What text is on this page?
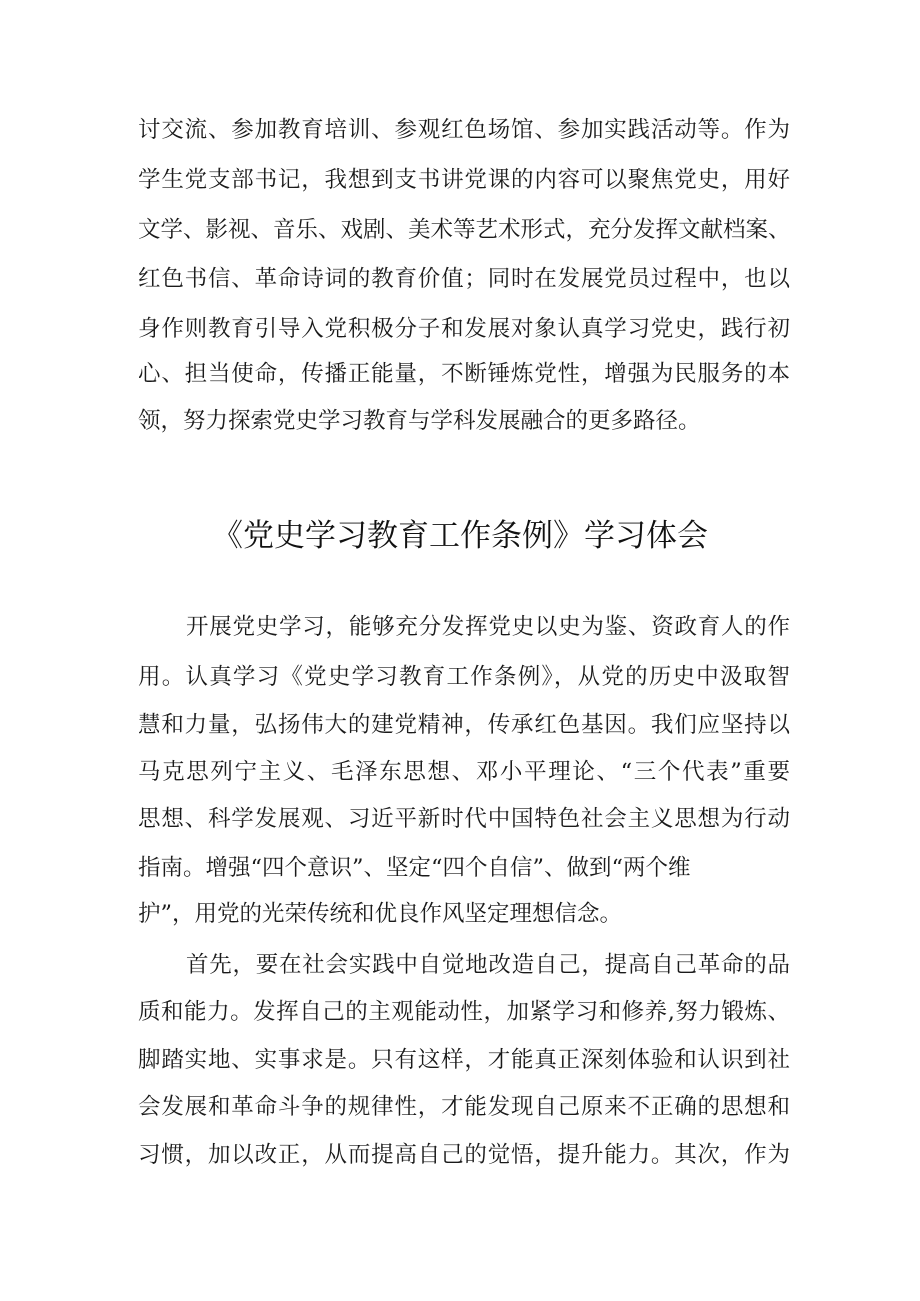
讨交流、参加教育培训、参观红色场馆、参加实践活动等。作为
学生党支部书记，我想到支书讲党课的内容可以聚焦党史，用好
文学、影视、音乐、戏剧、美术等艺术形式，充分发挥文献档案、
红色书信、革命诗词的教育价值；同时在发展党员过程中，也以
身作则教育引导入党积极分子和发展对象认真学习党史，践行初
心、担当使命，传播正能量，不断锤炼党性，增强为民服务的本
领，努力探索党史学习教育与学科发展融合的更多路径。
《党史学习教育工作条例》学习体会
开展党史学习，能够充分发挥党史以史为鉴、资政育人的作
用。认真学习《党史学习教育工作条例》，从党的历史中汲取智
慧和力量，弘扬伟大的建党精神，传承红色基因。我们应坚持以
马克思列宁主义、毛泽东思想、邓小平理论、“三个代表”重要
思想、科学发展观、习近平新时代中国特色社会主义思想为行动
指南。增强“四个意识”、坚定“四个自信”、做到“两个维
护”，用党的光荣传统和优良作风坚定理想信念。
首先，要在社会实践中自觉地改造自己，提高自己革命的品
质和能力。发挥自己的主观能动性，加紧学习和修养,努力锻炼、
脚踏实地、实事求是。只有这样，才能真正深刻体验和认识到社
会发展和革命斗争的规律性，才能发现自己原来不正确的思想和
习惯，加以改正，从而提高自己的觉悟，提升能力。其次，作为
